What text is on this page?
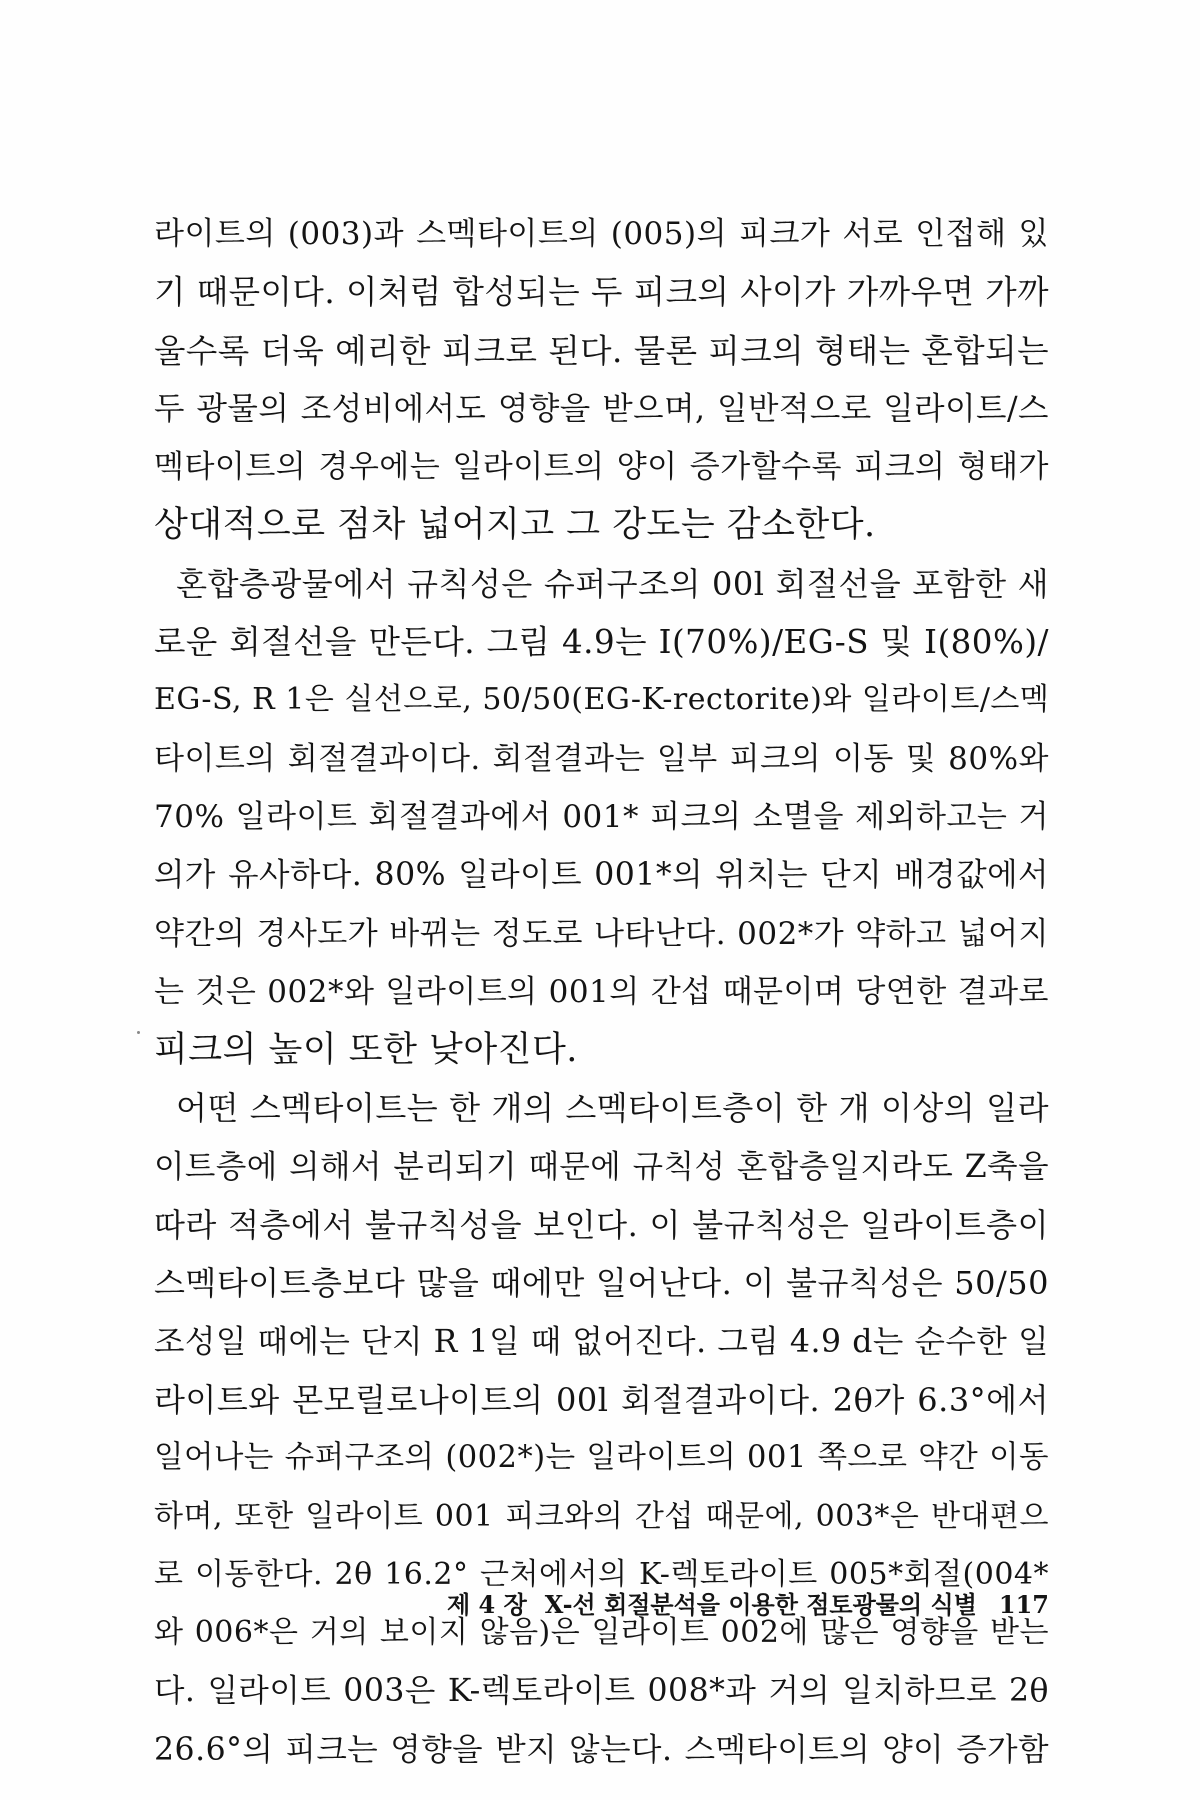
라이트의 (003)과 스멕타이트의 (005)의 피크가 서로 인접해 있
기 때문이다. 이처럼 합성되는 두 피크의 사이가 가까우면 가까
울수록 더욱 예리한 피크로 된다. 물론 피크의 형태는 혼합되는
두 광물의 조성비에서도 영향을 받으며, 일반적으로 일라이트/스
멕타이트의 경우에는 일라이트의 양이 증가할수록 피크의 형태가
상대적으로 점차 넓어지고 그 강도는 감소한다.
혼합층광물에서 규칙성은 슈퍼구조의 00l 회절선을 포함한 새
로운 회절선을 만든다. 그림 4.9는 I(70%)/EG-S 및 I(80%)/
EG-S, R 1은 실선으로, 50/50(EG-K-rectorite)와 일라이트/스멕
타이트의 회절결과이다. 회절결과는 일부 피크의 이동 및 80%와
70% 일라이트 회절결과에서 001* 피크의 소멸을 제외하고는 거
의가 유사하다. 80% 일라이트 001*의 위치는 단지 배경값에서
약간의 경사도가 바뀌는 정도로 나타난다. 002*가 약하고 넓어지
는 것은 002*와 일라이트의 001의 간섭 때문이며 당연한 결과로
피크의 높이 또한 낮아진다.
어떤 스멕타이트는 한 개의 스멕타이트층이 한 개 이상의 일라
이트층에 의해서 분리되기 때문에 규칙성 혼합층일지라도 Z축을
따라 적층에서 불규칙성을 보인다. 이 불규칙성은 일라이트층이
스멕타이트층보다 많을 때에만 일어난다. 이 불규칙성은 50/50
조성일 때에는 단지 R 1일 때 없어진다. 그림 4.9 d는 순수한 일
라이트와 몬모릴로나이트의 00l 회절결과이다. 2θ가 6.3°에서
일어나는 슈퍼구조의 (002*)는 일라이트의 001 쪽으로 약간 이동
하며, 또한 일라이트 001 피크와의 간섭 때문에, 003*은 반대편으
로 이동한다. 2θ 16.2° 근처에서의 K-렉토라이트 005*회절(004*
와 006*은 거의 보이지 않음)은 일라이트 002에 많은 영향을 받는
다. 일라이트 003은 K-렉토라이트 008*과 거의 일치하므로 2θ
26.6°의 피크는 영향을 받지 않는다. 스멕타이트의 양이 증가함
제 4 장 X-선 회절분석을 이용한 점토광물의 식별 117
